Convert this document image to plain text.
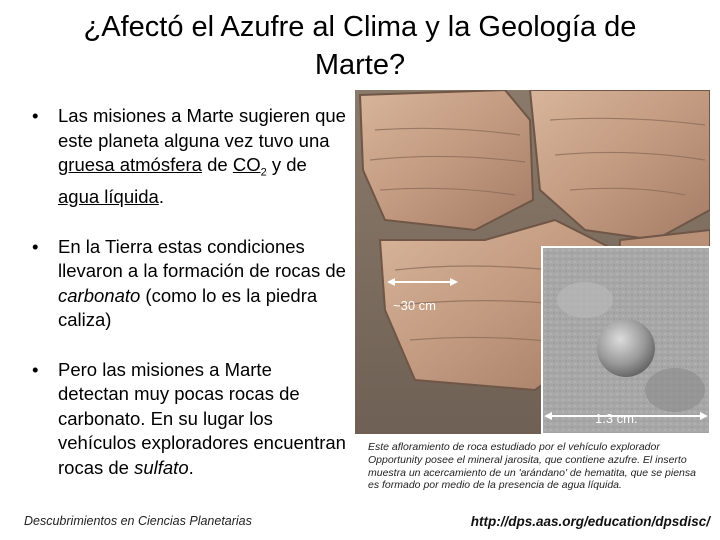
¿Afectó el Azufre al Clima y la Geología de
Marte?
• Las misiones a Marte sugieren que este planeta alguna vez tuvo una gruesa atmósfera de $CO_2$ y de agua líquida.
• En la Tierra estas condiciones llevaron a la formación de rocas de carbonato (como lo es la piedra caliza)
• Pero las misiones a Marte detectan muy pocas rocas de carbonato. En su lugar los vehículos exploradores encuentran rocas de sulfato.
~30 cm
1.3 cm.
Este afloramiento de roca estudiado por el vehículo explorador Opportunity posee el mineral jarosita, que contiene azufre. El inserto muestra un acercamiento de un 'arándano' de hematita, que se piensa es formado por medio de la presencia de agua líquida.
Descubrimientos en Ciencias Planetarias	http://dps.aas.org/education/dpsdisc/
